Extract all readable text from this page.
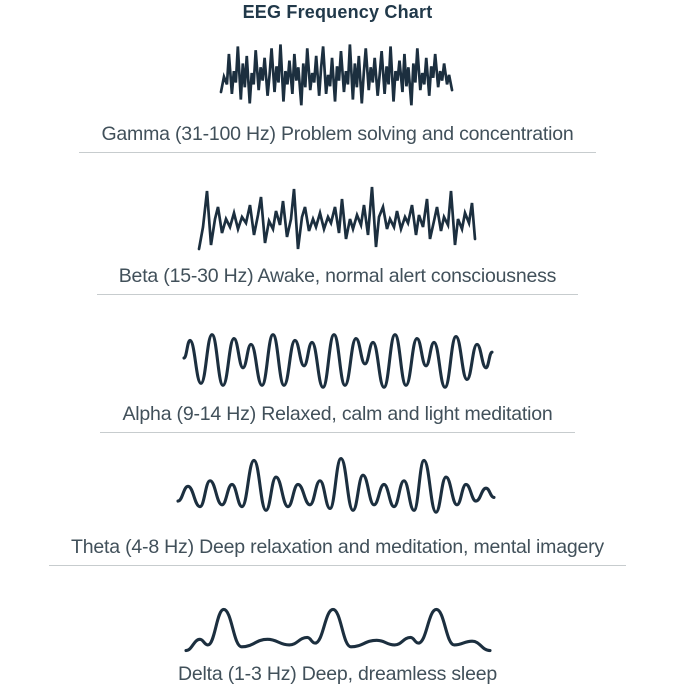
EEG Frequency Chart
Gamma (31-100 Hz) Problem solving and concentration
Beta (15-30 Hz) Awake, normal alert consciousness
Alpha (9-14 Hz) Relaxed, calm and light meditation
Theta (4-8 Hz) Deep relaxation and meditation, mental imagery
Delta (1-3 Hz) Deep, dreamless sleep
